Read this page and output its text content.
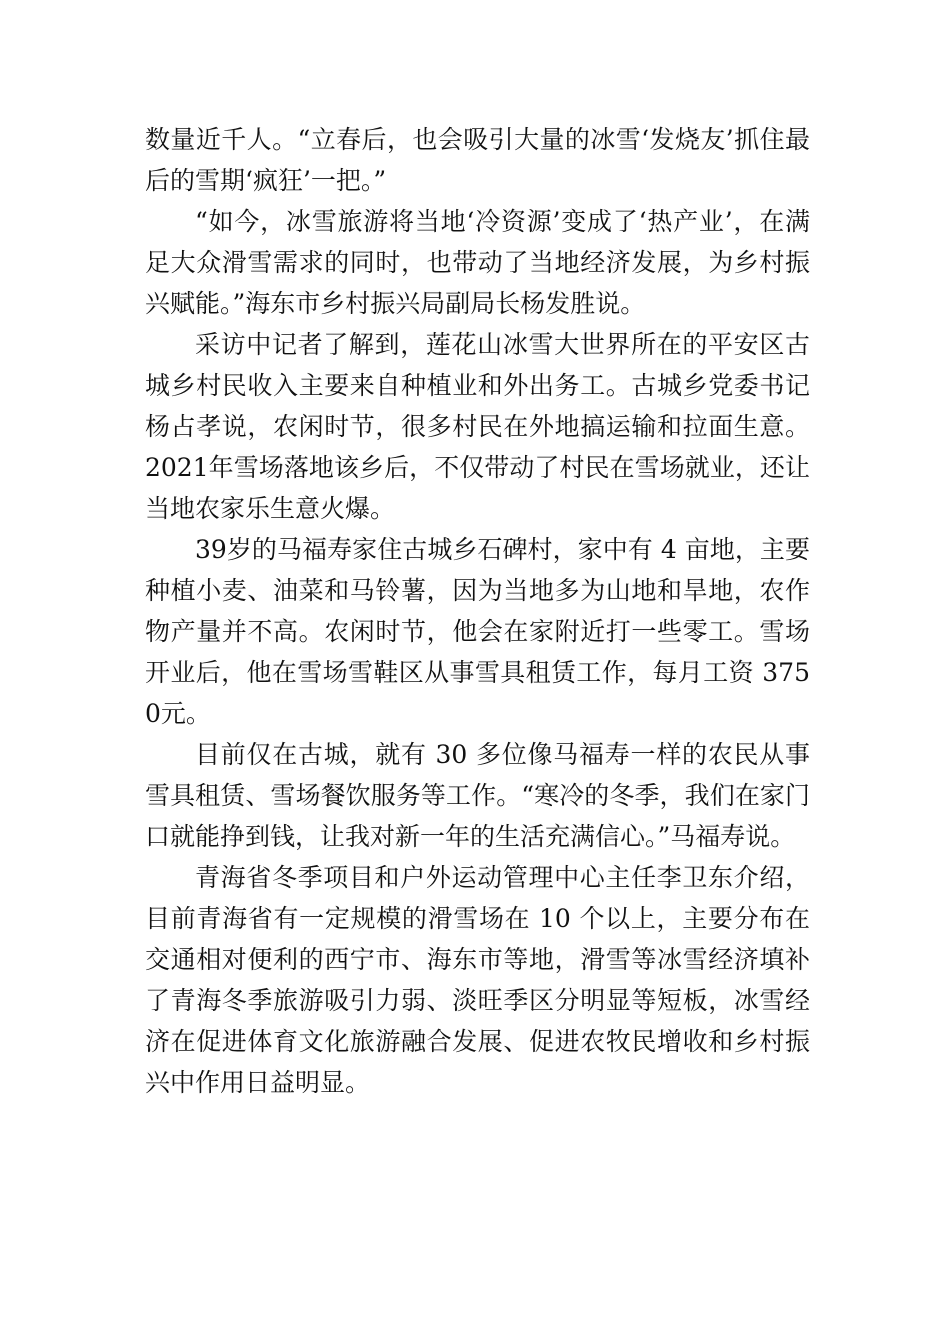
数量近千人。“立春后，也会吸引大量的冰雪‘发烧友’抓住最后的雪期‘疯狂’一把。”

“如今，冰雪旅游将当地‘冷资源’变成了‘热产业’，在满足大众滑雪需求的同时，也带动了当地经济发展，为乡村振兴赋能。”海东市乡村振兴局副局长杨发胜说。

采访中记者了解到，莲花山冰雪大世界所在的平安区古城乡村民收入主要来自种植业和外出务工。古城乡党委书记杨占孝说，农闲时节，很多村民在外地搞运输和拉面生意。2021年雪场落地该乡后，不仅带动了村民在雪场就业，还让当地农家乐生意火爆。

39岁的马福寿家住古城乡石碑村，家中有 4 亩地，主要种植小麦、油菜和马铃薯，因为当地多为山地和旱地，农作物产量并不高。农闲时节，他会在家附近打一些零工。雪场开业后，他在雪场雪鞋区从事雪具租赁工作，每月工资 3750元。

目前仅在古城，就有 30 多位像马福寿一样的农民从事雪具租赁、雪场餐饮服务等工作。“寒冷的冬季，我们在家门口就能挣到钱，让我对新一年的生活充满信心。”马福寿说。

青海省冬季项目和户外运动管理中心主任李卫东介绍，目前青海省有一定规模的滑雪场在 10 个以上，主要分布在交通相对便利的西宁市、海东市等地，滑雪等冰雪经济填补了青海冬季旅游吸引力弱、淡旺季区分明显等短板，冰雪经济在促进体育文化旅游融合发展、促进农牧民增收和乡村振兴中作用日益明显。
